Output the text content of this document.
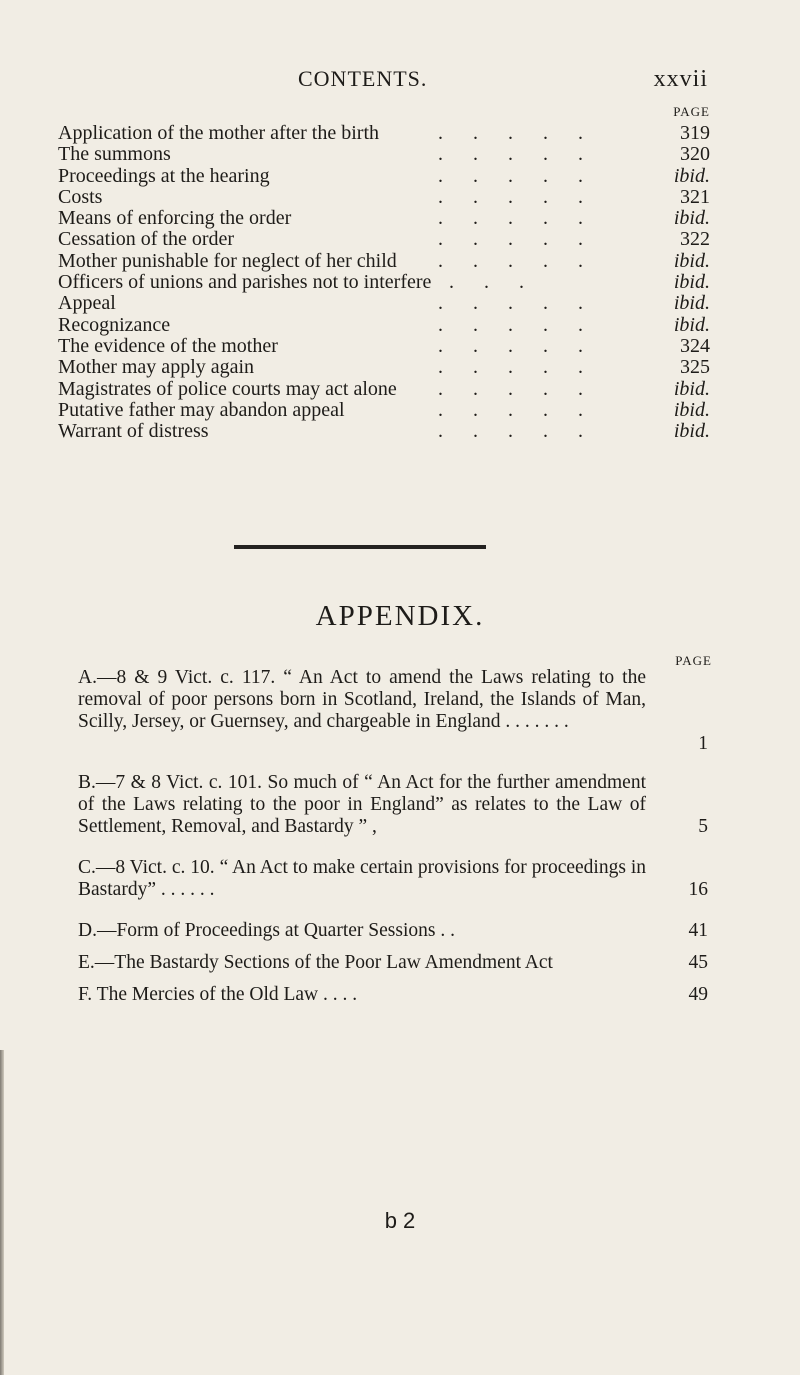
CONTENTS.	xxvii
PAGE
Application of the mother after the birth	.      .      .      .      .	319
The summons	.      .      .      .      .	320
Proceedings at the hearing	.      .      .      .      .	ibid.
Costs	.      .      .      .      .	321
Means of enforcing the order	.      .      .      .      .	ibid.
Cessation of the order	.      .      .      .      .	322
Mother punishable for neglect of her child .      .      .      .      .	ibid.
Officers of unions and parishes not to interfere .      .      .	ibid.
Appeal	.      .      .      .      .	ibid.
Recognizance	.      .      .      .      .	ibid.
The evidence of the mother	.      .      .      .      .	324
Mother may apply again	.      .      .      .      .	325
Magistrates of police courts may act alone .      .      .      .      .	ibid.
Putative father may abandon appeal	.      .      .      .      .	ibid.
Warrant of distress	.      .      .      .      .	ibid.
APPENDIX.
PAGE
A.—8 & 9 Vict. c. 117. “ An Act to amend the Laws relating to the removal of poor persons born in Scotland, Ireland, the Islands of Man, Scilly, Jersey, or Guernsey, and chargeable in England . . . . . . .
1
B.—7 & 8 Vict. c. 101. So much of “ An Act for the further amendment of the Laws relating to the poor in England” as relates to the Law of Settlement, Removal, and Bastardy ” ,	5
C.—8 Vict. c. 10. “ An Act to make certain provisions for proceedings in Bastardy” . . . . . .	16
D.—Form of Proceedings at Quarter Sessions . .	41
E.—The Bastardy Sections of the Poor Law Amendment Act	45
F. The Mercies of the Old Law . . . .	49
b 2
